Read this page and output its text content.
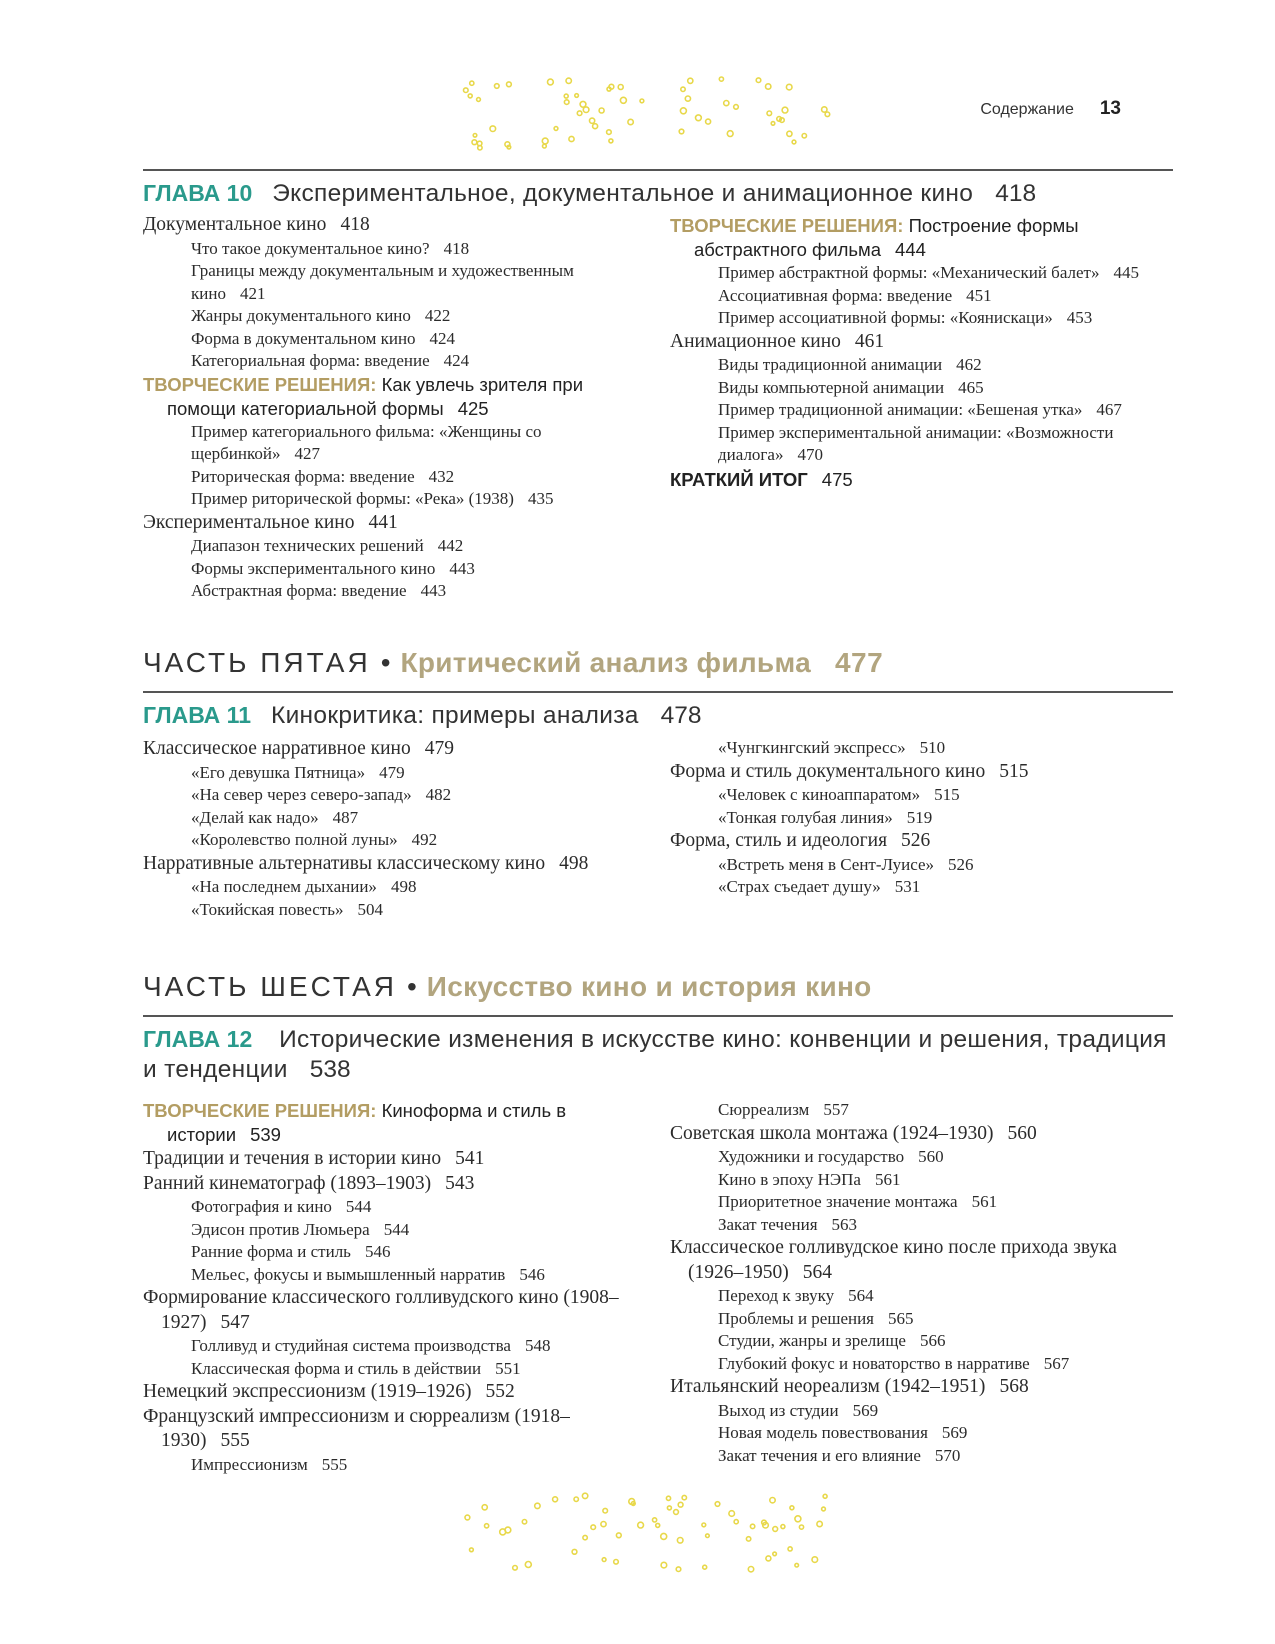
Содержание 13
ГЛАВА 10 Экспериментальное, документальное и анимационное кино 418
Документальное кино 418
Что такое документальное кино? 418
Границы между документальным и художественным кино 421
Жанры документального кино 422
Форма в документальном кино 424
Категориальная форма: введение 424
ТВОРЧЕСКИЕ РЕШЕНИЯ: Как увлечь зрителя при помощи категориальной формы 425
Пример категориального фильма: «Женщины со щербинкой» 427
Риторическая форма: введение 432
Пример риторической формы: «Река» (1938) 435
Экспериментальное кино 441
Диапазон технических решений 442
Формы экспериментального кино 443
Абстрактная форма: введение 443
ТВОРЧЕСКИЕ РЕШЕНИЯ: Построение формы абстрактного фильма 444
Пример абстрактной формы: «Механический балет» 445
Ассоциативная форма: введение 451
Пример ассоциативной формы: «Коянискаци» 453
Анимационное кино 461
Виды традиционной анимации 462
Виды компьютерной анимации 465
Пример традиционной анимации: «Бешеная утка» 467
Пример экспериментальной анимации: «Возможности диалога» 470
КРАТКИЙ ИТОГ 475
ЧАСТЬ ПЯТАЯ • Критический анализ фильма 477
ГЛАВА 11 Кинокритика: примеры анализа 478
Классическое нарративное кино 479
«Его девушка Пятница» 479
«На север через северо-запад» 482
«Делай как надо» 487
«Королевство полной луны» 492
Нарративные альтернативы классическому кино 498
«На последнем дыхании» 498
«Токийская повесть» 504
«Чунгкингский экспресс» 510
Форма и стиль документального кино 515
«Человек с киноаппаратом» 515
«Тонкая голубая линия» 519
Форма, стиль и идеология 526
«Встреть меня в Сент-Луисе» 526
«Страх съедает душу» 531
ЧАСТЬ ШЕСТАЯ • Искусство кино и история кино
ГЛАВА 12 Исторические изменения в искусстве кино: конвенции и решения, традиция и тенденции 538
ТВОРЧЕСКИЕ РЕШЕНИЯ: Киноформа и стиль в истории 539
Традиции и течения в истории кино 541
Ранний кинематограф (1893–1903) 543
Фотография и кино 544
Эдисон против Люмьера 544
Ранние форма и стиль 546
Мельес, фокусы и вымышленный нарратив 546
Формирование классического голливудского кино (1908–1927) 547
Голливуд и студийная система производства 548
Классическая форма и стиль в действии 551
Немецкий экспрессионизм (1919–1926) 552
Французский импрессионизм и сюрреализм (1918–1930) 555
Импрессионизм 555
Сюрреализм 557
Советская школа монтажа (1924–1930) 560
Художники и государство 560
Кино в эпоху НЭПа 561
Приоритетное значение монтажа 561
Закат течения 563
Классическое голливудское кино после прихода звука (1926–1950) 564
Переход к звуку 564
Проблемы и решения 565
Студии, жанры и зрелище 566
Глубокий фокус и новаторство в нарративе 567
Итальянский неореализм (1942–1951) 568
Выход из студии 569
Новая модель повествования 569
Закат течения и его влияние 570
